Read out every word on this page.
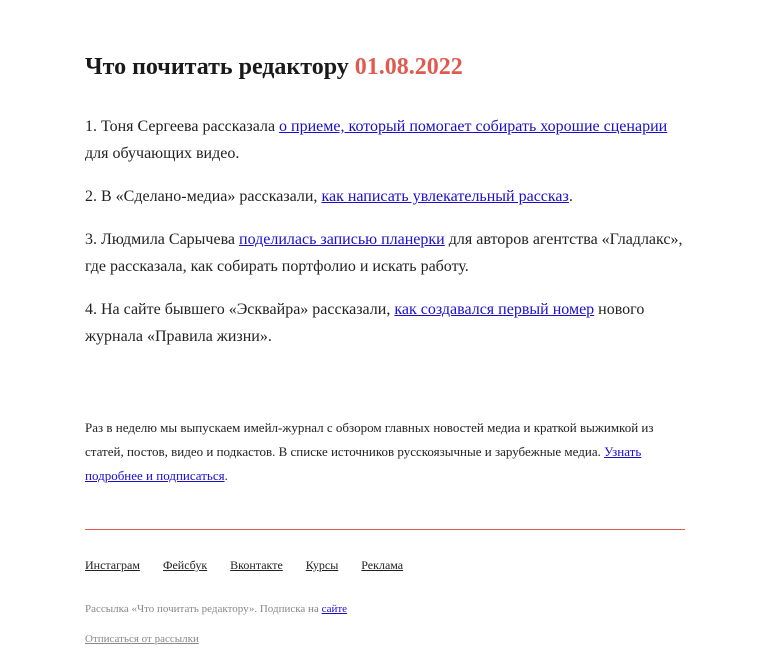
Что почитать редактору 01.08.2022

1. Тоня Сергеева рассказала о приеме, который помогает собирать хорошие сценарии для обучающих видео.

2. В «Сделано-медиа» рассказали, как написать увлекательный рассказ.

3. Людмила Сарычева поделилась записью планерки для авторов агентства «Гладлакс», где рассказала, как собирать портфолио и искать работу.

4. На сайте бывшего «Эсквайра» рассказали, как создавался первый номер нового журнала «Правила жизни».

Раз в неделю мы выпускаем имейл-журнал с обзором главных новостей медиа и краткой выжимкой из статей, постов, видео и подкастов. В списке источников русскоязычные и зарубежные медиа. Узнать подробнее и подписаться.

Инстаграм Фейсбук Вконтакте Курсы Реклама
Рассылка «Что почитать редактору». Подписка на сайте
Отписаться от рассылки
